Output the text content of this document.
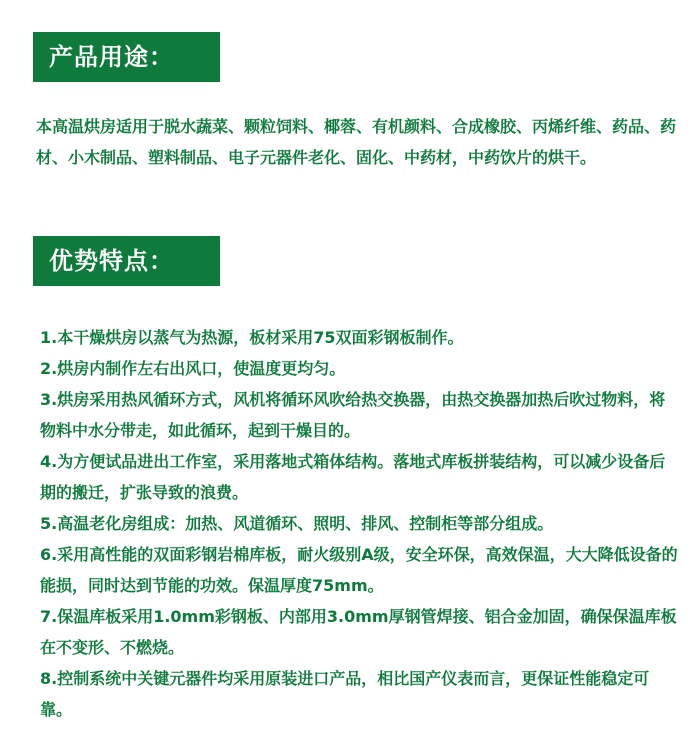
产品用途：

本高温烘房适用于脱水蔬菜、颗粒饲料、椰蓉、有机颜料、合成橡胶、丙烯纤维、药品、药材、小木制品、塑料制品、电子元器件老化、固化、中药材，中药饮片的烘干。

优势特点：
1.本干燥烘房以蒸气为热源，板材采用75双面彩钢板制作。
2.烘房内制作左右出风口，使温度更均匀。
3.烘房采用热风循环方式，风机将循环风吹给热交换器，由热交换器加热后吹过物料，将物料中水分带走，如此循环，起到干燥目的。
4.为方便试品进出工作室，采用落地式箱体结构。落地式库板拼装结构，可以减少设备后期的搬迁，扩张导致的浪费。
5.高温老化房组成：加热、风道循环、照明、排风、控制柜等部分组成。
6.采用高性能的双面彩钢岩棉库板，耐火级别A级，安全环保，高效保温，大大降低设备的能损，同时达到节能的功效。保温厚度75mm。
7.保温库板采用1.0mm彩钢板、内部用3.0mm厚钢管焊接、铝合金加固，确保保温库板在不变形、不燃烧。
8.控制系统中关键元器件均采用原装进口产品，相比国产仪表而言，更保证性能稳定可靠。
